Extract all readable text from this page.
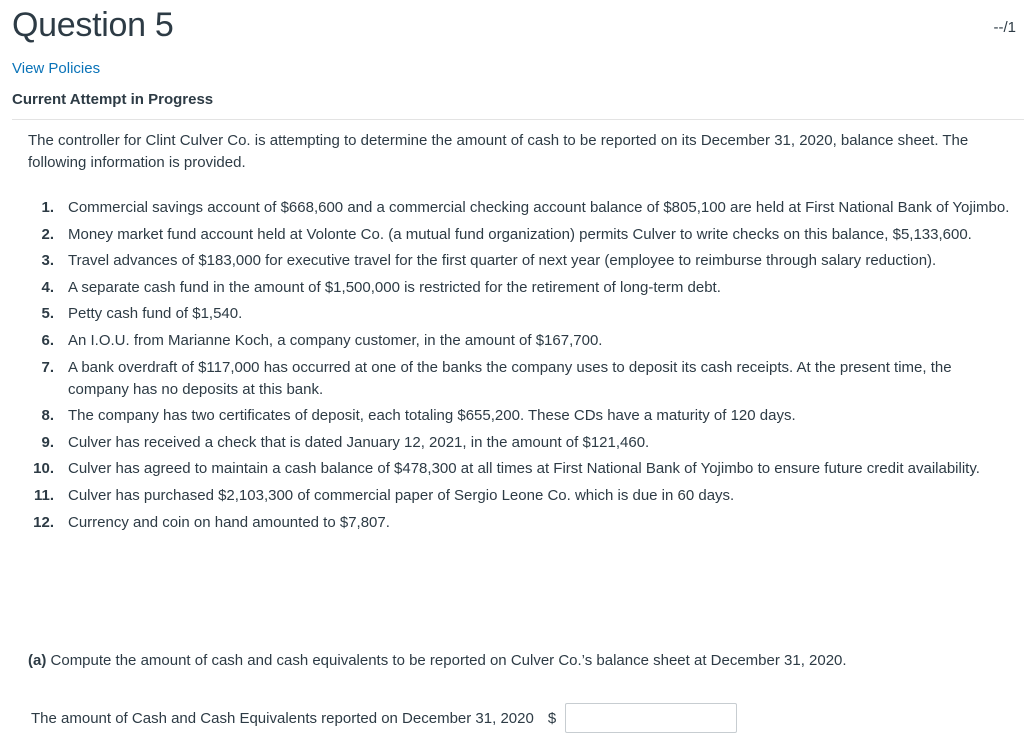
Question 5	--/1
View Policies
Current Attempt in Progress

The controller for Clint Culver Co. is attempting to determine the amount of cash to be reported on its December 31, 2020, balance sheet. The following information is provided.

1. Commercial savings account of $668,600 and a commercial checking account balance of $805,100 are held at First National Bank of Yojimbo.
2. Money market fund account held at Volonte Co. (a mutual fund organization) permits Culver to write checks on this balance, $5,133,600.
3. Travel advances of $183,000 for executive travel for the first quarter of next year (employee to reimburse through salary reduction).
4. A separate cash fund in the amount of $1,500,000 is restricted for the retirement of long-term debt.
5. Petty cash fund of $1,540.
6. An I.O.U. from Marianne Koch, a company customer, in the amount of $167,700.
7. A bank overdraft of $117,000 has occurred at one of the banks the company uses to deposit its cash receipts. At the present time, the company has no deposits at this bank.
8. The company has two certificates of deposit, each totaling $655,200. These CDs have a maturity of 120 days.
9. Culver has received a check that is dated January 12, 2021, in the amount of $121,460.
10. Culver has agreed to maintain a cash balance of $478,300 at all times at First National Bank of Yojimbo to ensure future credit availability.
11. Culver has purchased $2,103,300 of commercial paper of Sergio Leone Co. which is due in 60 days.
12. Currency and coin on hand amounted to $7,807.
(a) Compute the amount of cash and cash equivalents to be reported on Culver Co.’s balance sheet at December 31, 2020.
The amount of Cash and Cash Equivalents reported on December 31, 2020 $
